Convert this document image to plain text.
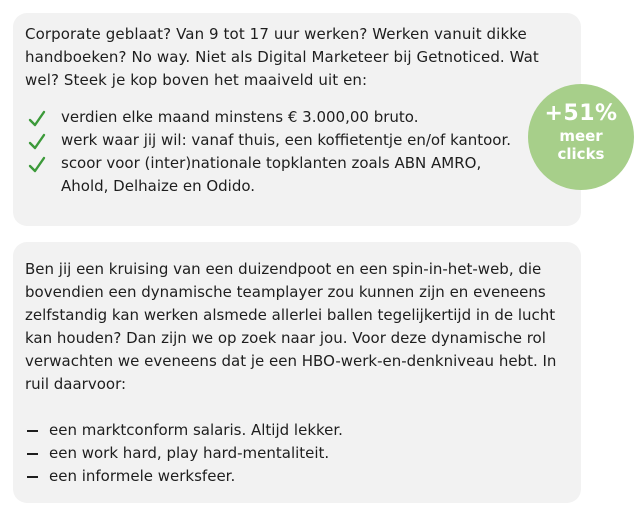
Corporate geblaat? Van 9 tot 17 uur werken? Werken vanuit dikke handboeken? No way. Niet als Digital Marketeer bij Getnoticed. Wat wel? Steek je kop boven het maaiveld uit en:

verdien elke maand minstens € 3.000,00 bruto.
werk waar jij wil: vanaf thuis, een koffietentje en/of kantoor.
scoor voor (inter)nationale topklanten zoals ABN AMRO, Ahold, Delhaize en Odido.
+51%
meer
clicks

Ben jij een kruising van een duizendpoot en een spin-in-het-web, die bovendien een dynamische teamplayer zou kunnen zijn en eveneens zelfstandig kan werken alsmede allerlei ballen tegelijkertijd in de lucht kan houden? Dan zijn we op zoek naar jou. Voor deze dynamische rol verwachten we eveneens dat je een HBO-werk-en-denkniveau hebt. In ruil daarvoor:

een marktconform salaris. Altijd lekker.
een work hard, play hard-mentaliteit.
een informele werksfeer.
